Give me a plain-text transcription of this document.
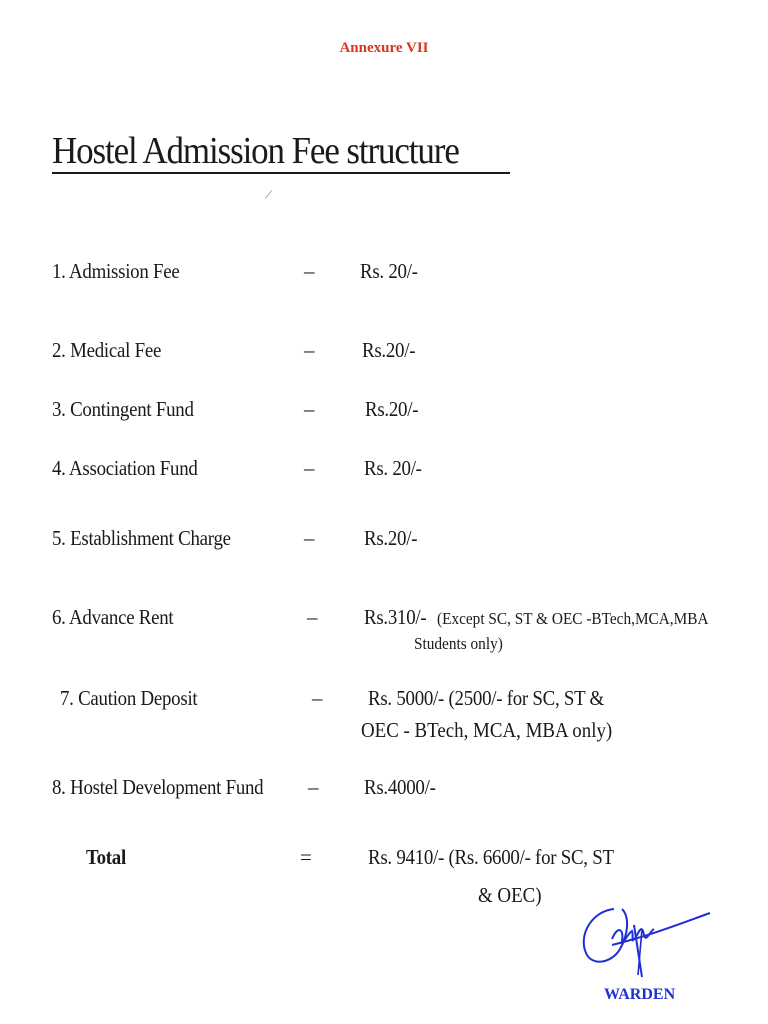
Annexure VII
Hostel Admission Fee structure
/
1. Admission Fee	– Rs. 20/-
2. Medical Fee	– Rs.20/-
3. Contingent Fund	– Rs.20/-
4. Association Fund	– Rs. 20/-
5. Establishment Charge	– Rs.20/-
6. Advance Rent	– Rs.310/- (Except SC, ST & OEC -BTech,MCA,MBA
Students only)
7. Caution Deposit	– Rs. 5000/- (2500/- for SC, ST &
OEC - BTech, MCA, MBA only)
8. Hostel Development Fund – Rs.4000/-
Total	=	Rs. 9410/- (Rs. 6600/- for SC, ST
& OEC)
WARDEN
